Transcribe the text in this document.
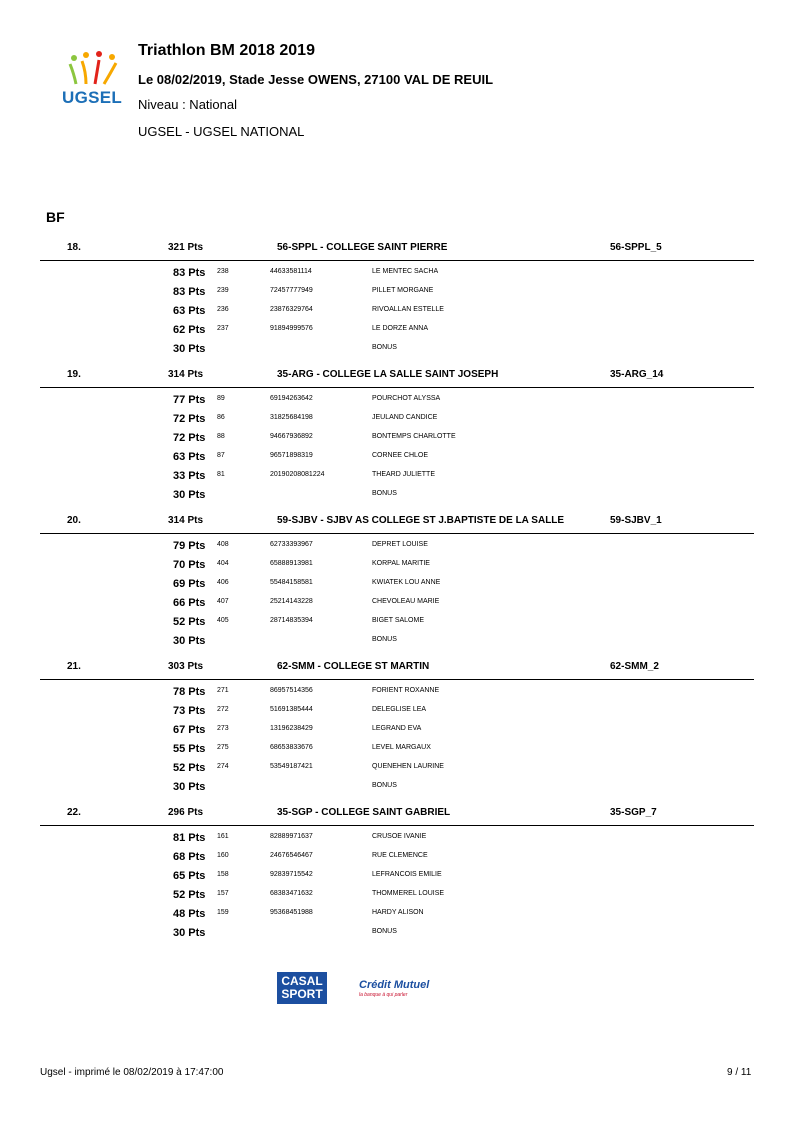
UGSEL
Triathlon BM 2018 2019
Le 08/02/2019, Stade Jesse OWENS, 27100 VAL DE REUIL
Niveau : National
UGSEL - UGSEL NATIONAL
BF
18.	321 Pts	56-SPPL - COLLEGE SAINT PIERRE	56-SPPL_5
83 Pts 238	44633581114	LE MENTEC SACHA
83 Pts 239	72457777949	PILLET MORGANE
63 Pts 236	23876329764	RIVOALLAN ESTELLE
62 Pts 237	91894999576	LE DORZE ANNA
30 Pts	BONUS
19.	314 Pts	35-ARG - COLLEGE LA SALLE SAINT JOSEPH	35-ARG_14
77 Pts 89	69194263642	POURCHOT ALYSSA
72 Pts 86	31825684198	JEULAND CANDICE
72 Pts 88	94667936892	BONTEMPS CHARLOTTE
63 Pts 87	96571898319	CORNEE CHLOE
33 Pts 81	20190208081224	THEARD JULIETTE
30 Pts	BONUS
20.	314 Pts	59-SJBV - SJBV AS COLLEGE ST J.BAPTISTE DE LA SALLE	59-SJBV_1
79 Pts 408	62733393967	DEPRET LOUISE
70 Pts 404	65888913981	KORPAL MARITIE
69 Pts 406	55484158581	KWIATEK LOU ANNE
66 Pts 407	25214143228	CHEVOLEAU MARIE
52 Pts 405	28714835394	BIGET SALOME
30 Pts	BONUS
21.	303 Pts	62-SMM - COLLEGE ST MARTIN	62-SMM_2
78 Pts 271	86957514356	FORIENT ROXANNE
73 Pts 272	51691385444	DELEGLISE LEA
67 Pts 273	13196238429	LEGRAND EVA
55 Pts 275	68653833676	LEVEL MARGAUX
52 Pts 274	53549187421	QUENEHEN LAURINE
30 Pts	BONUS
22.	296 Pts	35-SGP - COLLEGE SAINT GABRIEL	35-SGP_7
81 Pts 161	82889971637	CRUSOE IVANIE
68 Pts 160	24676546467	RUE CLEMENCE
65 Pts 158	92839715542	LEFRANCOIS EMILIE
52 Pts 157	68383471632	THOMMEREL LOUISE
48 Pts 159	95368451988	HARDY ALISON
30 Pts	BONUS
CASAL
SPORT
Crédit Mutuel
la banque à qui parler
Ugsel - imprimé le 08/02/2019 à 17:47:00	9 / 11
